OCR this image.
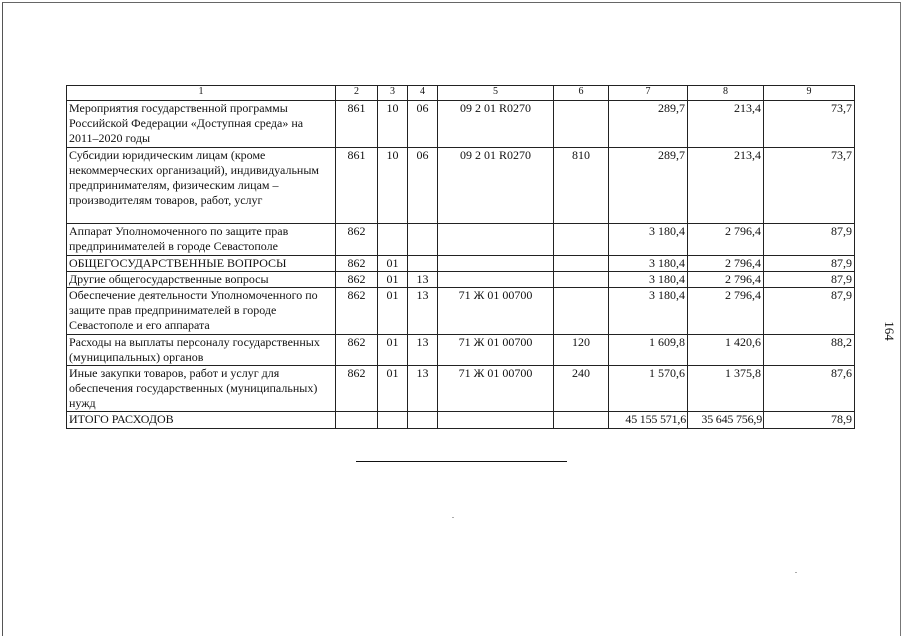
1	2	3	4	5	6	7	8	9
Мероприятия государственной программы Российской Федерации «Доступная среда» на 2011–2020 годы	861	10	06	09 2 01 R0270		289,7	213,4	73,7
Субсидии юридическим лицам (кроме некоммерческих организаций), индивидуальным предпринимателям, физическим лицам – производителям товаров, работ, услуг	861	10	06	09 2 01 R0270	810	289,7	213,4	73,7
Аппарат Уполномоченного по защите прав предпринимателей в городе Севастополе	862					3 180,4	2 796,4	87,9
ОБЩЕГОСУДАРСТВЕННЫЕ ВОПРОСЫ	862	01				3 180,4	2 796,4	87,9
Другие общегосударственные вопросы	862	01	13			3 180,4	2 796,4	87,9
Обеспечение деятельности Уполномоченного по защите прав предпринимателей в городе Севастополе и его аппарата	862	01	13	71 Ж 01 00700		3 180,4	2 796,4	87,9
Расходы на выплаты персоналу государственных (муниципальных) органов	862	01	13	71 Ж 01 00700	120	1 609,8	1 420,6	88,2
Иные закупки товаров, работ и услуг для обеспечения государственных (муниципальных) нужд	862	01	13	71 Ж 01 00700	240	1 570,6	1 375,8	87,6
ИТОГО РАСХОДОВ						45 155 571,6	35 645 756,9	78,9
164
